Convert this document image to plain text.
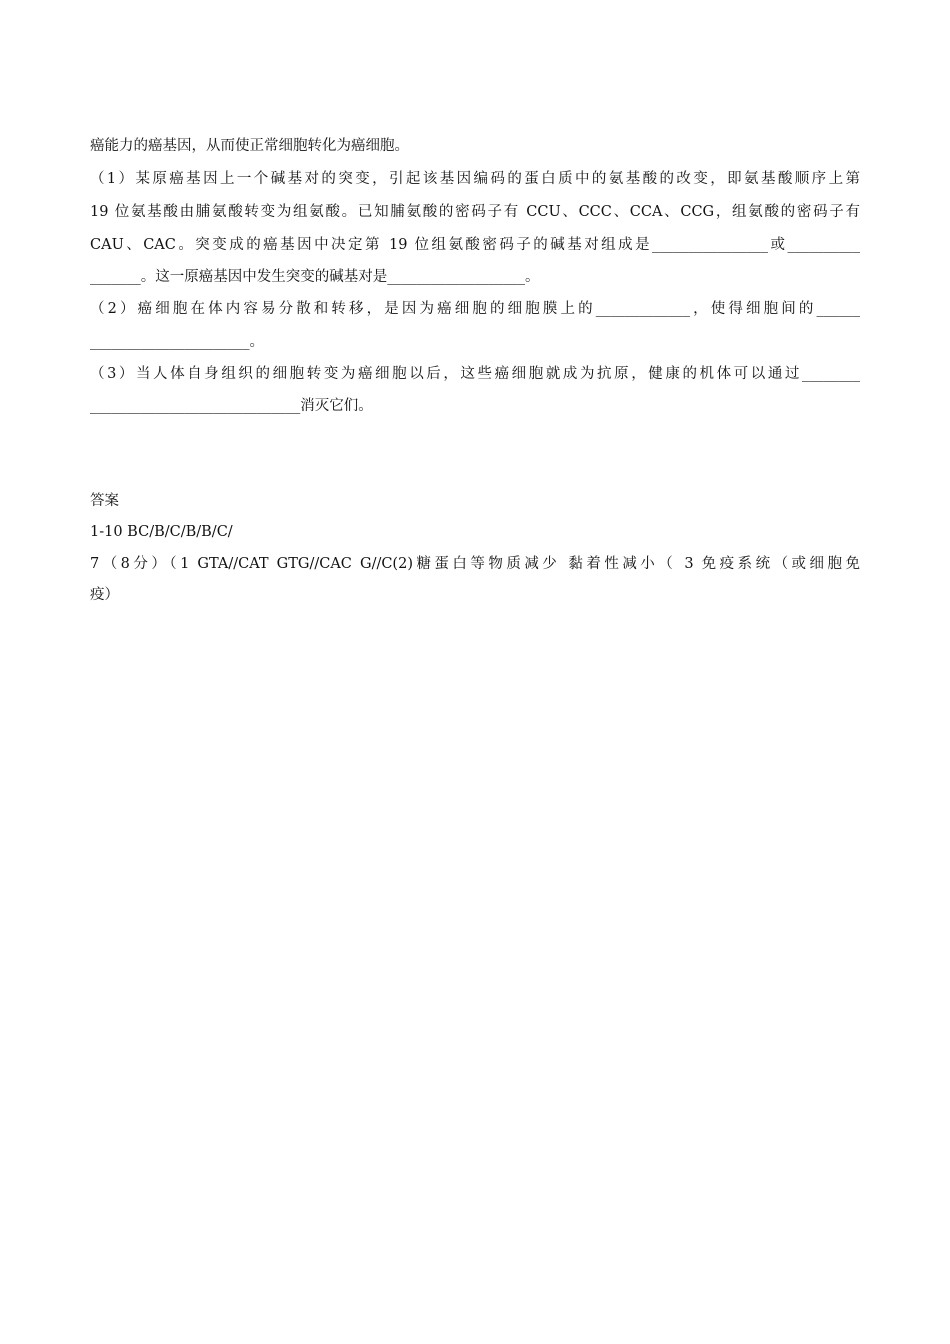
癌能力的癌基因，从而使正常细胞转化为癌细胞。
（1）某原癌基因上一个碱基对的突变，引起该基因编码的蛋白质中的氨基酸的改变，即氨基酸顺序上第
19 位氨基酸由脯氨酸转变为组氨酸。已知脯氨酸的密码子有 CCU、CCC、CCA、CCG，组氨酸的密码子有
CAU、CAC。突变成的癌基因中决定第 19 位组氨酸密码子的碱基对组成是________________或__________
_______。这一原癌基因中发生突变的碱基对是___________________。
（2）癌细胞在体内容易分散和转移，是因为癌细胞的细胞膜上的_____________，使得细胞间的______
______________________。
（3）当人体自身组织的细胞转变为癌细胞以后，这些癌细胞就成为抗原，健康的机体可以通过________
_____________________________消灭它们。
答案
1-10 BC/B/C/B/B/C/
7（8分）（1 GTA//CAT GTG//CAC G//C(2)糖蛋白等物质减少 黏着性减小（ 3 免疫系统（或细胞免
疫）
